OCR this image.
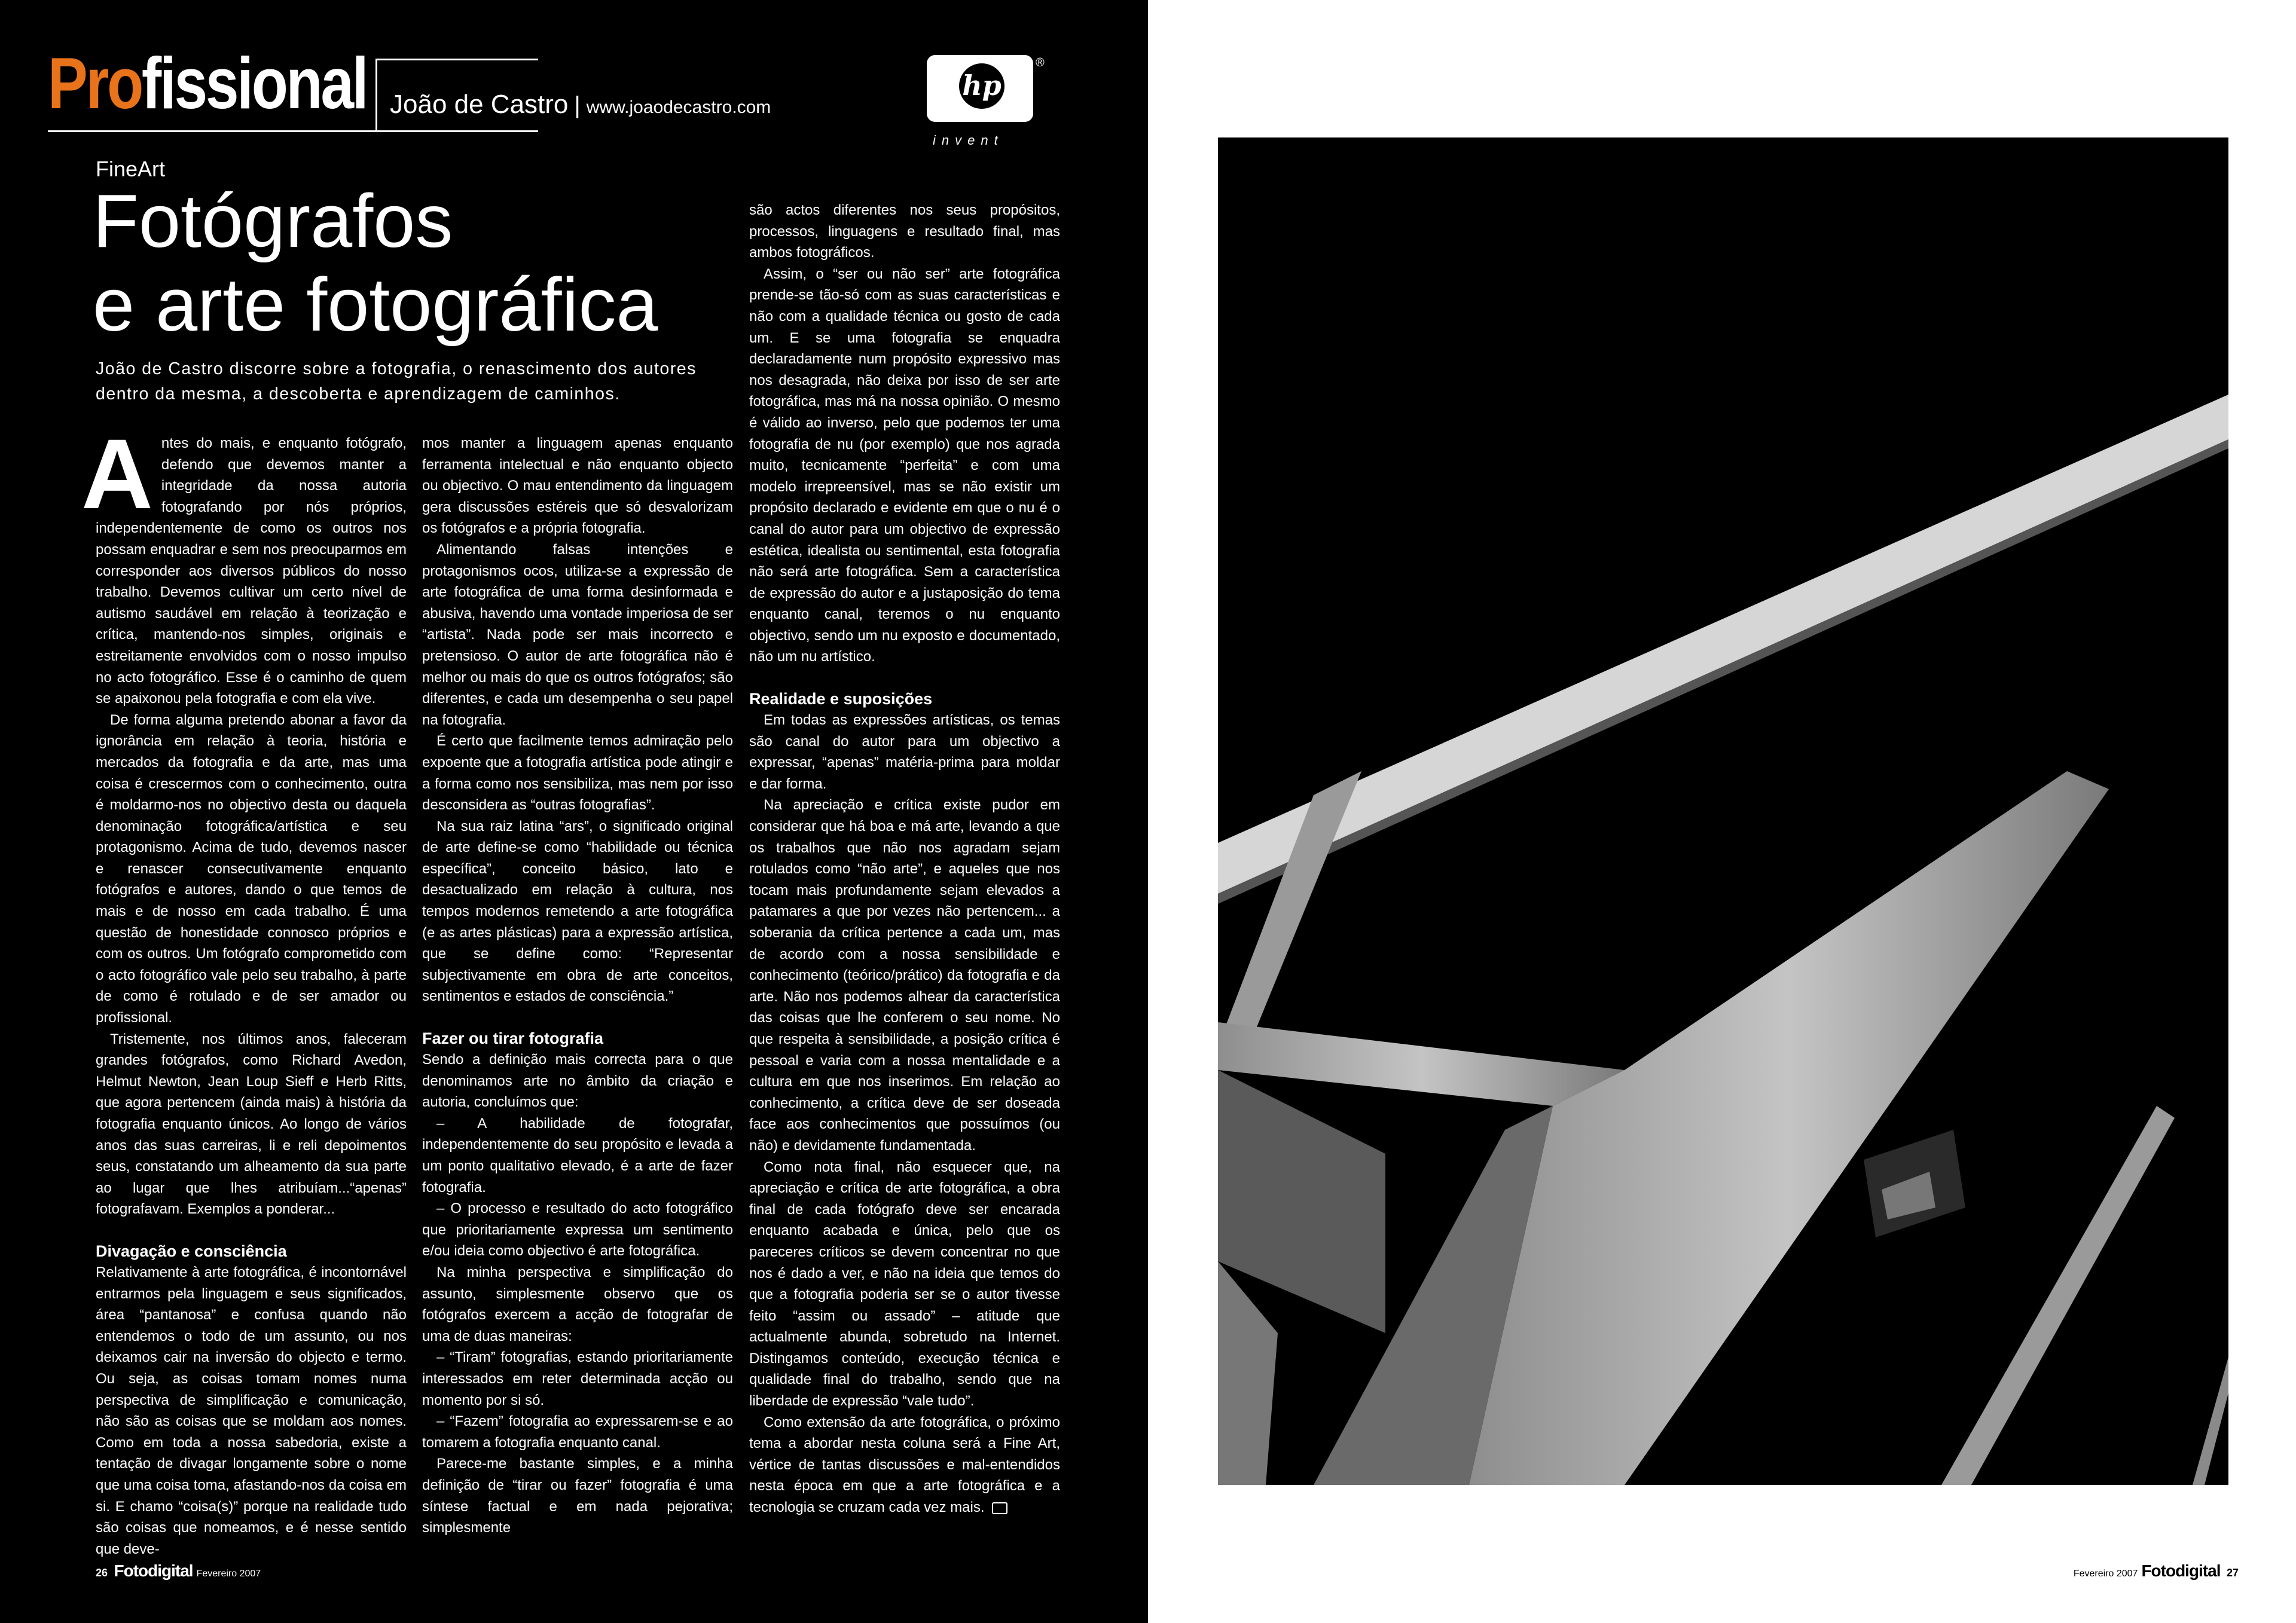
Profissional João de Castro | www.joaodecastro.com
hp
®
invent
FineArt
Fotógrafos
e arte fotográfica
João de Castro discorre sobre a fotografia, o renascimento dos autores dentro da mesma, a descoberta e aprendizagem de caminhos.

Antes do mais, e enquanto fotógrafo, defendo que devemos manter a integridade da nossa autoria fotografando por nós próprios, independentemente de como os outros nos possam enquadrar e sem nos preocuparmos em corresponder aos diversos públicos do nosso trabalho. Devemos cultivar um certo nível de autismo saudável em relação à teorização e crítica, mantendo-nos simples, originais e estreitamente envolvidos com o nosso impulso no acto fotográfico. Esse é o caminho de quem se apaixonou pela fotografia e com ela vive.

De forma alguma pretendo abonar a favor da ignorância em relação à teoria, história e mercados da fotografia e da arte, mas uma coisa é crescermos com o conhecimento, outra é moldarmo-nos no objectivo desta ou daquela denominação fotográfica/artística e seu protagonismo. Acima de tudo, devemos nascer e renascer consecutivamente enquanto fotógrafos e autores, dando o que temos de mais e de nosso em cada trabalho. É uma questão de honestidade connosco próprios e com os outros. Um fotógrafo comprometido com o acto fotográfico vale pelo seu trabalho, à parte de como é rotulado e de ser amador ou profissional.

Tristemente, nos últimos anos, faleceram grandes fotógrafos, como Richard Avedon, Helmut Newton, Jean Loup Sieff e Herb Ritts, que agora pertencem (ainda mais) à história da fotografia enquanto únicos. Ao longo de vários anos das suas carreiras, li e reli depoimentos seus, constatando um alheamento da sua parte ao lugar que lhes atribuíam...“apenas” fotografavam. Exemplos a ponderar...

Divagação e consciência

Relativamente à arte fotográfica, é incontornável entrarmos pela linguagem e seus significados, área “pantanosa” e confusa quando não entendemos o todo de um assunto, ou nos deixamos cair na inversão do objecto e termo. Ou seja, as coisas tomam nomes numa perspectiva de simplificação e comunicação, não são as coisas que se moldam aos nomes. Como em toda a nossa sabedoria, existe a tentação de divagar longamente sobre o nome que uma coisa toma, afastando-nos da coisa em si. E chamo “coisa(s)” porque na realidade tudo são coisas que nomeamos, e é nesse sentido que deve-

mos manter a linguagem apenas enquanto ferramenta intelectual e não enquanto objecto ou objectivo. O mau entendimento da linguagem gera discussões estéreis que só desvalorizam os fotógrafos e a própria fotografia.

Alimentando falsas intenções e protagonismos ocos, utiliza-se a expressão de arte fotográfica de uma forma desinformada e abusiva, havendo uma vontade imperiosa de ser “artista”. Nada pode ser mais incorrecto e pretensioso. O autor de arte fotográfica não é melhor ou mais do que os outros fotógrafos; são diferentes, e cada um desempenha o seu papel na fotografia.

É certo que facilmente temos admiração pelo expoente que a fotografia artística pode atingir e a forma como nos sensibiliza, mas nem por isso desconsidera as “outras fotografias”.

Na sua raiz latina “ars”, o significado original de arte define-se como “habilidade ou técnica específica”, conceito básico, lato e desactualizado em relação à cultura, nos tempos modernos remetendo a arte fotográfica (e as artes plásticas) para a expressão artística, que se define como: “Representar subjectivamente em obra de arte conceitos, sentimentos e estados de consciência.”

Fazer ou tirar fotografia

Sendo a definição mais correcta para o que denominamos arte no âmbito da criação e autoria, concluímos que:

– A habilidade de fotografar, independentemente do seu propósito e levada a um ponto qualitativo elevado, é a arte de fazer fotografia.

– O processo e resultado do acto fotográfico que prioritariamente expressa um sentimento e/ou ideia como objectivo é arte fotográfica.

Na minha perspectiva e simplificação do assunto, simplesmente observo que os fotógrafos exercem a acção de fotografar de uma de duas maneiras:

– “Tiram” fotografias, estando prioritariamente interessados em reter determinada acção ou momento por si só.

– “Fazem” fotografia ao expressarem-se e ao tomarem a fotografia enquanto canal.

Parece-me bastante simples, e a minha definição de “tirar ou fazer” fotografia é uma síntese factual e em nada pejorativa; simplesmente

26 Fotodigital Fevereiro 2007	Fevereiro 2007 Fotodigital 27

são actos diferentes nos seus propósitos, processos, linguagens e resultado final, mas ambos fotográficos.

Assim, o “ser ou não ser” arte fotográfica prende-se tão-só com as suas características e não com a qualidade técnica ou gosto de cada um. E se uma fotografia se enquadra declaradamente num propósito expressivo mas nos desagrada, não deixa por isso de ser arte fotográfica, mas má na nossa opinião. O mesmo é válido ao inverso, pelo que podemos ter uma fotografia de nu (por exemplo) que nos agrada muito, tecnicamente “perfeita” e com uma modelo irrepreensível, mas se não existir um propósito declarado e evidente em que o nu é o canal do autor para um objectivo de expressão estética, idealista ou sentimental, esta fotografia não será arte fotográfica. Sem a característica de expressão do autor e a justaposição do tema enquanto canal, teremos o nu enquanto objectivo, sendo um nu exposto e documentado, não um nu artístico.

Realidade e suposições

Em todas as expressões artísticas, os temas são canal do autor para um objectivo a expressar, “apenas” matéria-prima para moldar e dar forma.

Na apreciação e crítica existe pudor em considerar que há boa e má arte, levando a que os trabalhos que não nos agradam sejam rotulados como “não arte”, e aqueles que nos tocam mais profundamente sejam elevados a patamares a que por vezes não pertencem... a soberania da crítica pertence a cada um, mas de acordo com a nossa sensibilidade e conhecimento (teórico/prático) da fotografia e da arte. Não nos podemos alhear da característica das coisas que lhe conferem o seu nome. No que respeita à sensibilidade, a posição crítica é pessoal e varia com a nossa mentalidade e a cultura em que nos inserimos. Em relação ao conhecimento, a crítica deve de ser doseada face aos conhecimentos que possuímos (ou não) e devidamente fundamentada.

Como nota final, não esquecer que, na apreciação e crítica de arte fotográfica, a obra final de cada fotógrafo deve ser encarada enquanto acabada e única, pelo que os pareceres críticos se devem concentrar no que nos é dado a ver, e não na ideia que temos do que a fotografia poderia ser se o autor tivesse feito “assim ou assado” – atitude que actualmente abunda, sobretudo na Internet. Distingamos conteúdo, execução técnica e qualidade final do trabalho, sendo que na liberdade de expressão “vale tudo”.

Como extensão da arte fotográfica, o próximo tema a abordar nesta coluna será a Fine Art, vértice de tantas discussões e mal-entendidos nesta época em que a arte fotográfica e a tecnologia se cruzam cada vez mais.
